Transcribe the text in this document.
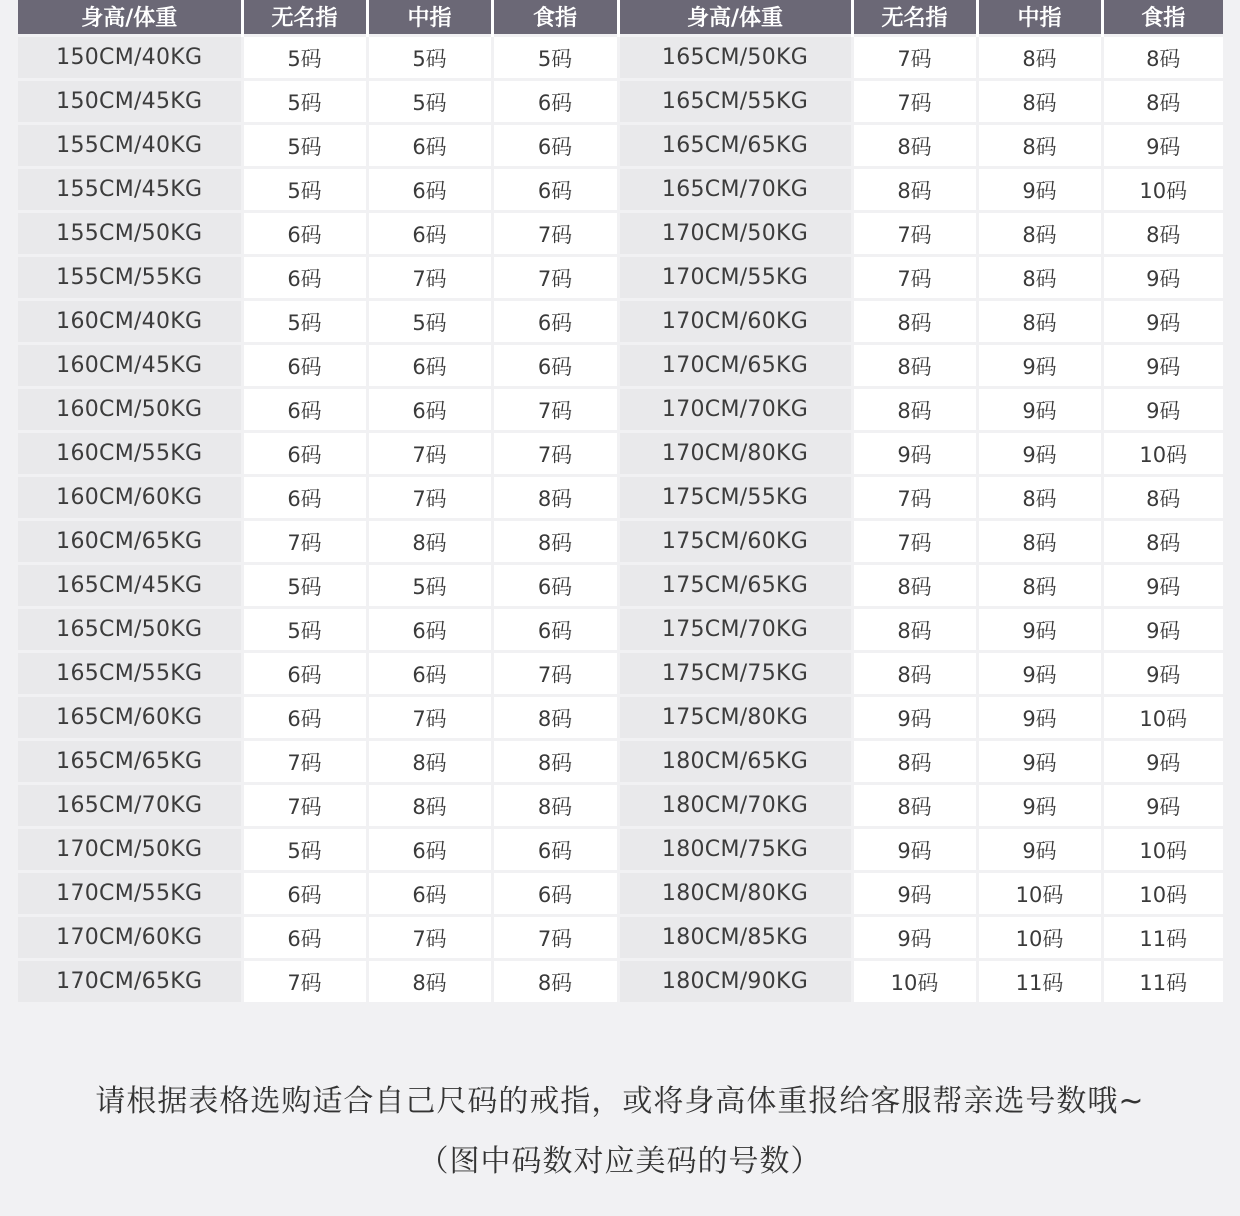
身高/体重	无名指	中指	食指	身高/体重	无名指	中指	食指
150CM/40KG	5码	5码	5码	165CM/50KG	7码	8码	8码
150CM/45KG	5码	5码	6码	165CM/55KG	7码	8码	8码
155CM/40KG	5码	6码	6码	165CM/65KG	8码	8码	9码
155CM/45KG	5码	6码	6码	165CM/70KG	8码	9码	10码
155CM/50KG	6码	6码	7码	170CM/50KG	7码	8码	8码
155CM/55KG	6码	7码	7码	170CM/55KG	7码	8码	9码
160CM/40KG	5码	5码	6码	170CM/60KG	8码	8码	9码
160CM/45KG	6码	6码	6码	170CM/65KG	8码	9码	9码
160CM/50KG	6码	6码	7码	170CM/70KG	8码	9码	9码
160CM/55KG	6码	7码	7码	170CM/80KG	9码	9码	10码
160CM/60KG	6码	7码	8码	175CM/55KG	7码	8码	8码
160CM/65KG	7码	8码	8码	175CM/60KG	7码	8码	8码
165CM/45KG	5码	5码	6码	175CM/65KG	8码	8码	9码
165CM/50KG	5码	6码	6码	175CM/70KG	8码	9码	9码
165CM/55KG	6码	6码	7码	175CM/75KG	8码	9码	9码
165CM/60KG	6码	7码	8码	175CM/80KG	9码	9码	10码
165CM/65KG	7码	8码	8码	180CM/65KG	8码	9码	9码
165CM/70KG	7码	8码	8码	180CM/70KG	8码	9码	9码
170CM/50KG	5码	6码	6码	180CM/75KG	9码	9码	10码
170CM/55KG	6码	6码	6码	180CM/80KG	9码	10码	10码
170CM/60KG	6码	7码	7码	180CM/85KG	9码	10码	11码
170CM/65KG	7码	8码	8码	180CM/90KG	10码	11码	11码
请根据表格选购适合自己尺码的戒指，或将身高体重报给客服帮亲选号数哦~
（图中码数对应美码的号数）
